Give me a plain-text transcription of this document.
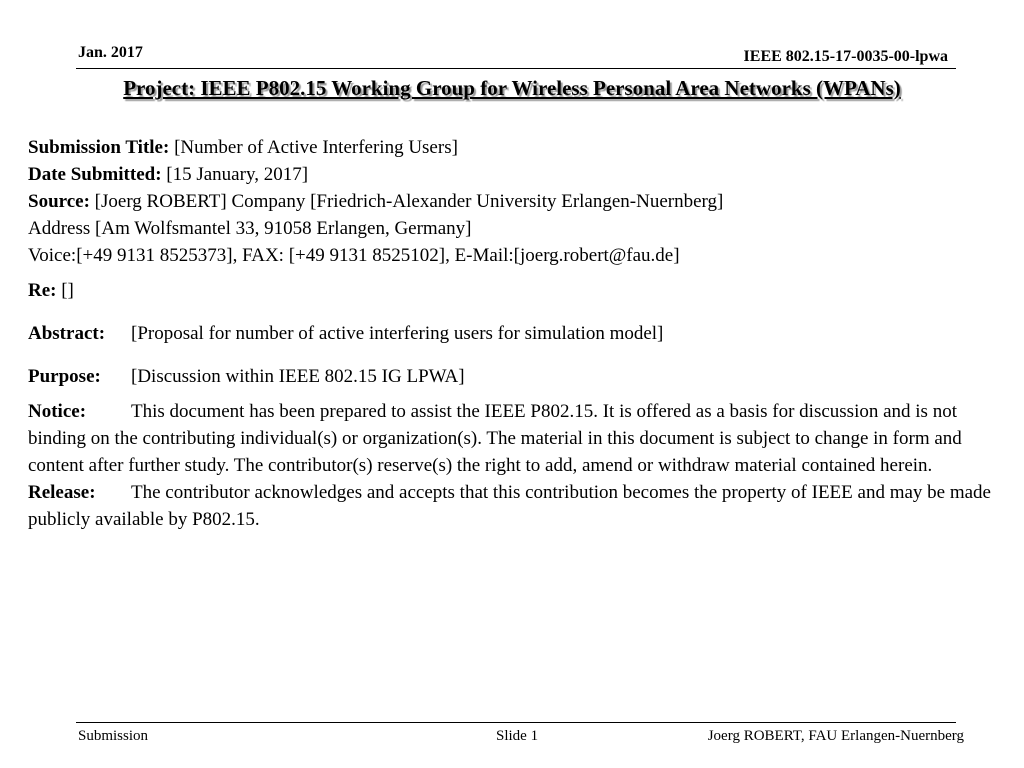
Jan. 2017	IEEE 802.15-17-0035-00-lpwa
Project: IEEE P802.15 Working Group for Wireless Personal Area Networks (WPANs)
Submission Title: [Number of Active Interfering Users]
Date Submitted: [15 January, 2017]
Source: [Joerg ROBERT] Company [Friedrich-Alexander University Erlangen-Nuernberg]
Address [Am Wolfsmantel 33, 91058 Erlangen, Germany]
Voice:[+49 9131 8525373], FAX: [+49 9131 8525102], E-Mail:[joerg.robert@fau.de]
Re: []
Abstract: [Proposal for number of active interfering users for simulation model]
Purpose: [Discussion within IEEE 802.15 IG LPWA]
Notice: This document has been prepared to assist the IEEE P802.15. It is offered as a basis for discussion and is not binding on the contributing individual(s) or organization(s). The material in this document is subject to change in form and content after further study. The contributor(s) reserve(s) the right to add, amend or withdraw material contained herein.
Release: The contributor acknowledges and accepts that this contribution becomes the property of IEEE and may be made publicly available by P802.15.
Submission	Slide 1	Joerg ROBERT, FAU Erlangen-Nuernberg
